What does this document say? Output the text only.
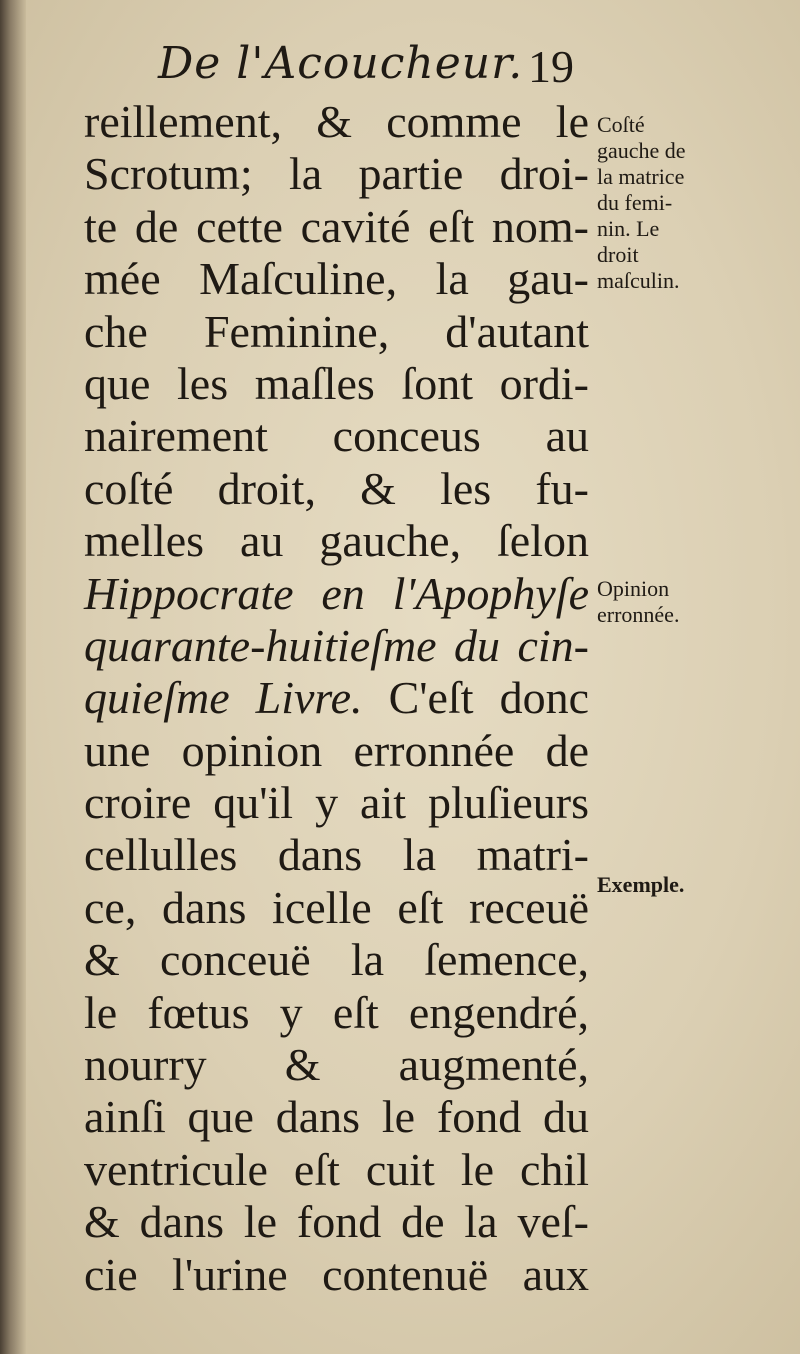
De l'Acoucheur. 19
reillement, & comme le
Scrotum; la partie droi-
te de cette cavité eſt nom-
mée Maſculine, la gau-
che Feminine, d'autant
que les maſles ſont ordi-
nairement conceus au
coſté droit, & les fu-
melles au gauche, ſelon
Hippocrate en l'Apophyſe
quarante-huitieſme du cin-
quieſme Livre. C'eſt donc
une opinion erronnée de
croire qu'il y ait pluſieurs
cellulles dans la matri-
ce, dans icelle eſt receuë
& conceuë la ſemence,
le fœtus y eſt engendré,
nourry & augmenté,
ainſi que dans le fond du
ventricule eſt cuit le chil
& dans le fond de la veſ-
cie l'urine contenuë aux
Coſté
gauche de
la matrice
du femi-
nin. Le
droit
maſculin.
Opinion
erronnée.
Exemple.
